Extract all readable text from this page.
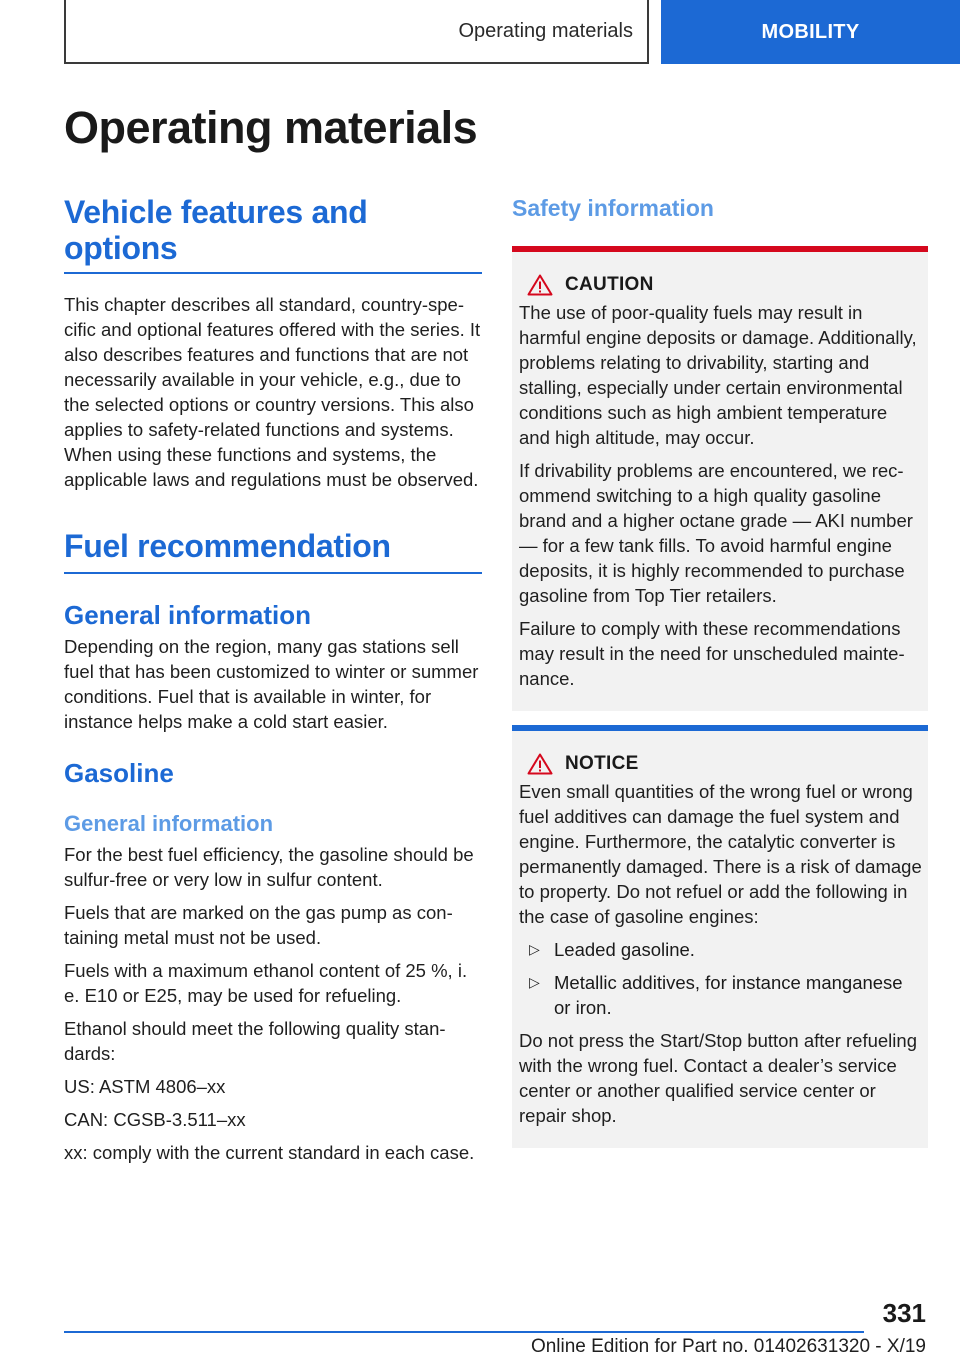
Operating materials	MOBILITY
Operating materials
Vehicle features and options

This chapter describes all standard, country-specific and optional features offered with the series. It also describes features and functions that are not necessarily available in your vehicle, e.g., due to the selected options or country versions. This also applies to safety-related functions and systems. When using these functions and systems, the applicable laws and regulations must be observed.

Fuel recommendation
General information

Depending on the region, many gas stations sell fuel that has been customized to winter or summer conditions. Fuel that is available in winter, for instance helps make a cold start easier.

Gasoline
General information

For the best fuel efficiency, the gasoline should be sulfur-free or very low in sulfur content.

Fuels that are marked on the gas pump as containing metal must not be used.

Fuels with a maximum ethanol content of 25 %, i. e. E10 or E25, may be used for refueling.

Ethanol should meet the following quality standards:

US: ASTM 4806–xx

CAN: CGSB-3.511–xx

xx: comply with the current standard in each case.

Safety information
CAUTION

The use of poor-quality fuels may result in harmful engine deposits or damage. Additionally, problems relating to drivability, starting and stalling, especially under certain environmental conditions such as high ambient temperature and high altitude, may occur.

If drivability problems are encountered, we recommend switching to a high quality gasoline brand and a higher octane grade — AKI number — for a few tank fills. To avoid harmful engine deposits, it is highly recommended to purchase gasoline from Top Tier retailers.

Failure to comply with these recommendations may result in the need for unscheduled maintenance.

NOTICE

Even small quantities of the wrong fuel or wrong fuel additives can damage the fuel system and engine. Furthermore, the catalytic converter is permanently damaged. There is a risk of damage to property. Do not refuel or add the following in the case of gasoline engines:

▷ Leaded gasoline.
▷ Metallic additives, for instance manganese or iron.

Do not press the Start/Stop button after refueling with the wrong fuel. Contact a dealer’s service center or another qualified service center or repair shop.

331
Online Edition for Part no. 01402631320 - X/19
